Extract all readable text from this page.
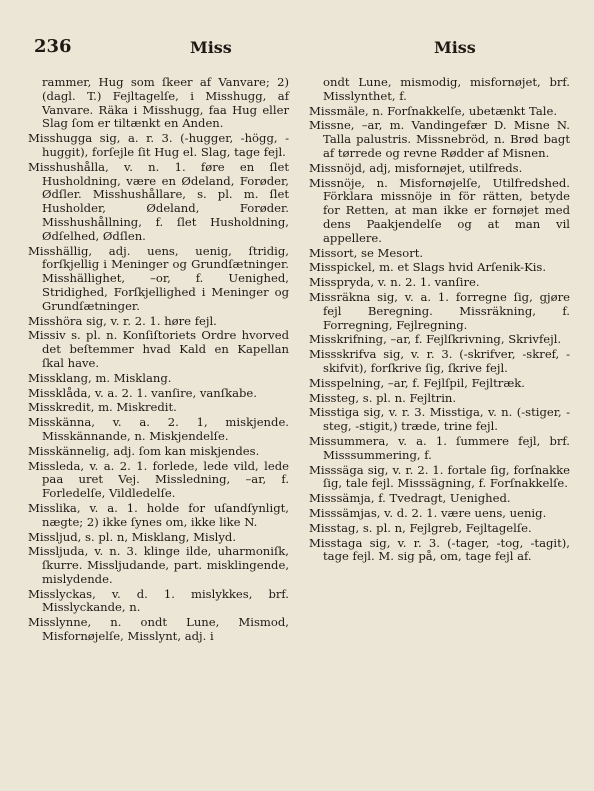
236	Miss	Miss

rammer, Hug som ſkeer af Vanvare; 2) (dagl. T.) Fejltagelſe, i Misshugg, af Vanvare. Räka i Misshugg, faa Hug eller Slag ſom er tiltænkt en Anden.

Misshugga sig, a. r. 3. (-hugger, -högg, -huggit), forſejle ſit Hug el. Slag, tage fejl.

Misshushålla, v. n. 1. føre en ſlet Husholdning, være en Ødeland, Forøder, Ødſler. Misshushållare, s. pl. m. ſlet Husholder, Ødeland, Forøder. Misshushållning, f. ſlet Husholdning, Ødſelhed, Ødſlen.

Misshällig, adj. uens, uenig, ſtridig, forſkjellig i Meninger og Grundſætninger. Misshällighet, –or, f. Uenighed, Stridighed, Forſkjellighed i Meninger og Grundſætninger.

Misshöra sig, v. r. 2. 1. høre fejl.

Missiv s. pl. n. Konſiſtoriets Ordre hvorved det beſtemmer hvad Kald en Kapellan ſkal have.

Missklang, m. Misklang.

Missklåda, v. a. 2. 1. vanſire, vanſkabe.

Misskredit, m. Miskredit.

Misskänna, v. a. 2. 1, miskjende. Misskännande, n. Miskjendelſe.

Misskännelig, adj. ſom kan miskjendes.

Missleda, v. a. 2. 1. forlede, lede vild, lede paa uret Vej. Missledning, –ar, f. Forledelſe, Vildledelſe.

Misslika, v. a. 1. holde for uſandſynligt, nægte; 2) ikke ſynes om, ikke like N.

Missljud, s. pl. n, Misklang, Mislyd.

Missljuda, v. n. 3. klinge ilde, uharmoniſk, ſkurre. Missljudande, part. misklingende, mislydende.

Misslyckas, v. d. 1. mislykkes, brf. Misslyckande, n.

Misslynne, n. ondt Lune, Mismod, Misfornøjelſe, Misslynt, adj. i

ondt Lune, mismodig, misfornøjet, brf. Misslynthet, f.

Missmäle, n. Forſnakkelſe, ubetænkt Tale.

Missne, –ar, m. Vandingefær D. Misne N. Talla palustris. Missnebröd, n. Brød bagt af tørrede og revne Rødder af Misnen.

Missnöjd, adj, misfornøjet, utilfreds.

Missnöje, n. Misfornøjelſe, Utilfredshed. Förklara missnöje in för rätten, betyde for Retten, at man ikke er fornøjet med dens Paakjendelſe og at man vil appellere.

Missort, se Mesort.

Misspickel, m. et Slags hvid Arſenik-Kis.

Misspryda, v. n. 2. 1. vanſire.

Missräkna sig, v. a. 1. forregne ſig, gjøre fejl Beregning. Missräkning, f. Forregning, Fejlregning.

Misskrifning, –ar, f. Fejlſkrivning, Skrivfejl.

Missskrifva sig, v. r. 3. (-skrifver, -skref, -skifvit), forſkrive ſig, ſkrive fejl.

Misspelning, –ar, f. Fejlſpil, Fejltræk.

Missteg, s. pl. n. Fejltrin.

Misstiga sig, v. r. 3. Misstiga, v. n. (-stiger, -steg, -stigit,) træde, trine fejl.

Missummera, v. a. 1. ſummere fejl, brf. Misssummering, f.

Misssäga sig, v. r. 2. 1. fortale ſig, forſnakke ſig, tale fejl. Misssägning, f. Forſnakkelſe.

Misssämja, f. Tvedragt, Uenighed.

Misssämjas, v. d. 2. 1. være uens, uenig.

Misstag, s. pl. n, Fejlgreb, Fejltagelſe.

Misstaga sig, v. r. 3. (-tager, -tog, -tagit), tage fejl. M. sig på, om, tage fejl af.
